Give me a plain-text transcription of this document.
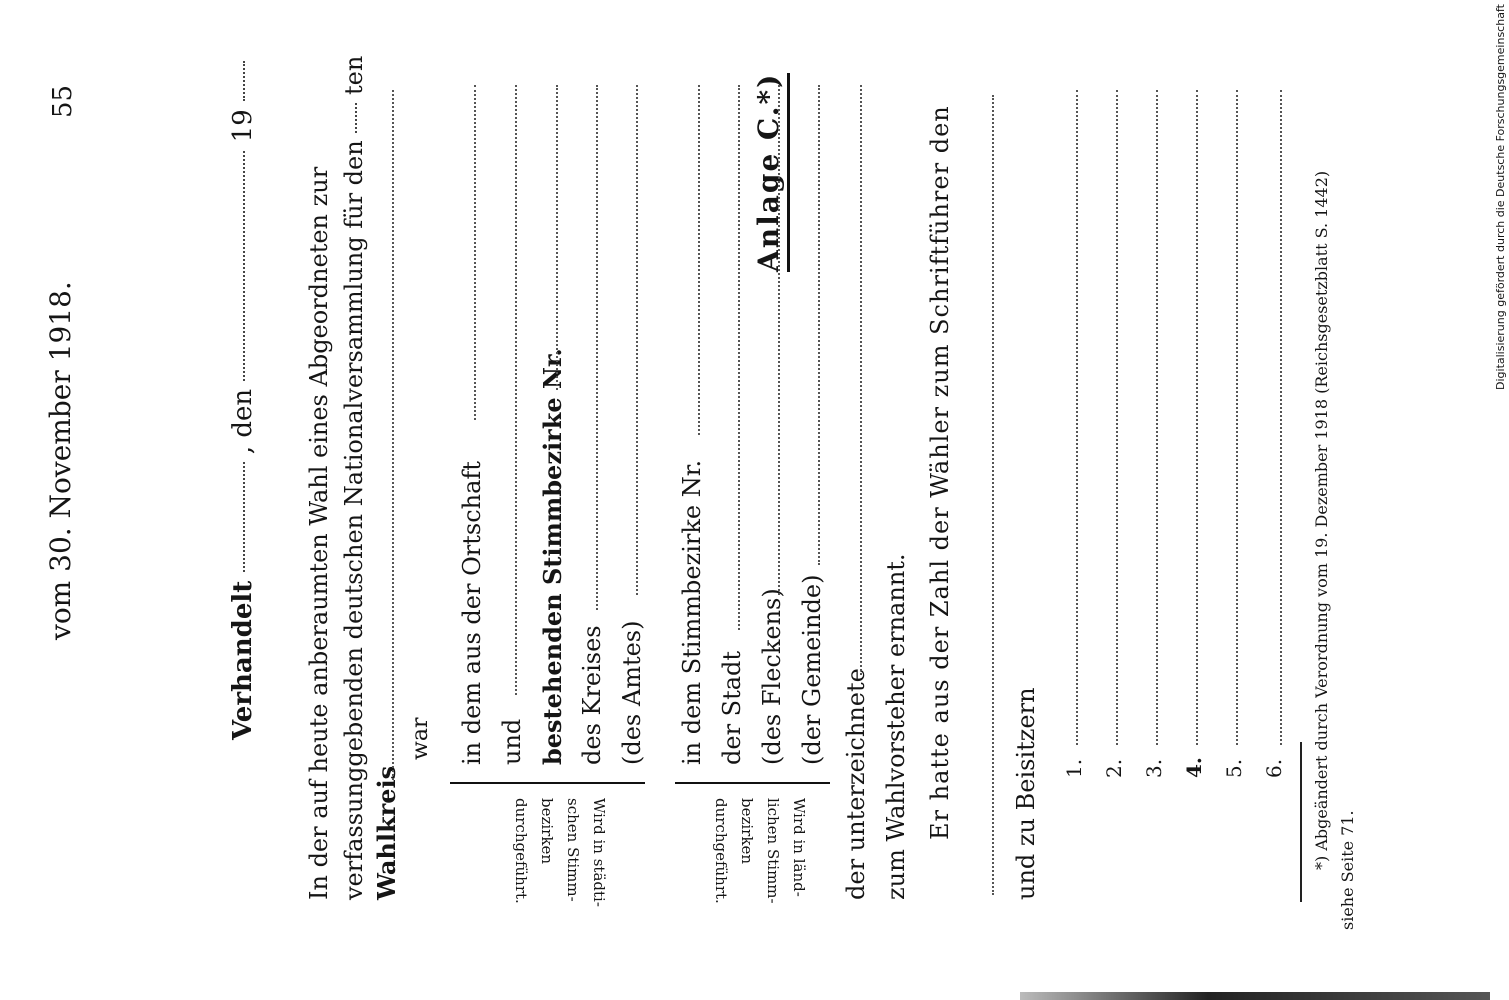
vom 30. November 1918.
55	Anlage C.*)
Verhandelt  , den  19
In der auf heute anberaumten Wahl eines Abgeordneten zur verfassunggebenden deutschen Nationalversammlung für den  ten
Wahlkreis
war
Wird in städti-
schen Stimm-
bezirken
durchgeführt.
in dem aus der Ortschaft und bestehenden Stimmbezirke Nr. des Kreises (des Amtes)
Wird in länd-
lichen Stimm-
bezirken
durchgeführt.
in dem Stimmbezirke Nr. der Stadt (des Fleckens) (der Gemeinde) der unterzeichnete zum Wahlvorsteher ernannt. Er hatte aus der Zahl der Wähler zum Schriftführer den und zu Beisitzern 1. 2. 3. 4. 5. 6. *) Abgeändert durch Verordnung vom 19. Dezember 1918 (Reichsgesetzblatt S. 1442)
siehe Seite 71.
Digitalisierung gefördert durch die Deutsche Forschungsgemeinschaft
